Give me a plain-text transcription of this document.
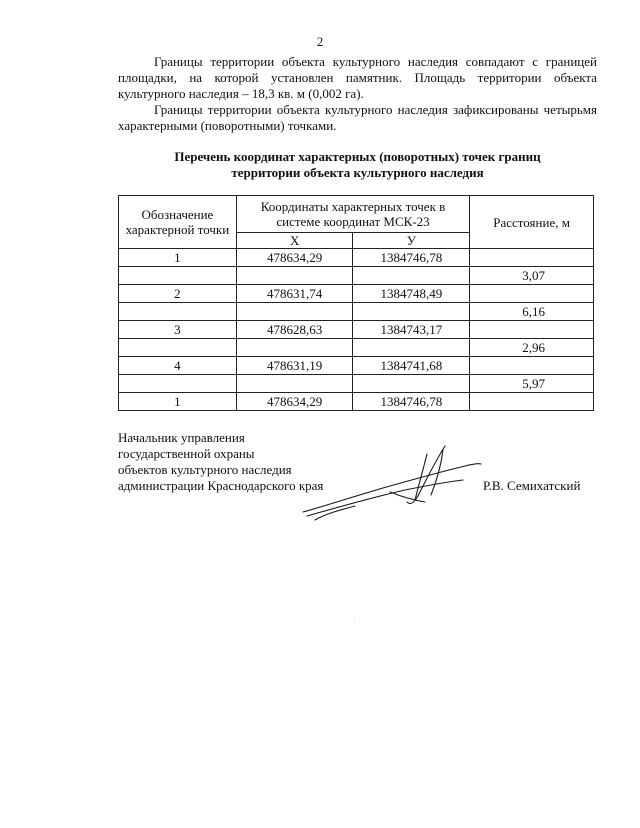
2

Границы территории объекта культурного наследия совпадают с границей площадки, на которой установлен памятник. Площадь территории объекта культурного наследия – 18,3 кв. м (0,002 га).

Границы территории объекта культурного наследия зафиксированы четырьмя характерными (поворотными) точками.

Перечень координат характерных (поворотных) точек границ
территории объекта культурного наследия
Обозначение характерной точки	Координаты характерных точек в системе координат МСК-23		Расстояние, м
	Х	У	
1	478634,29	1384746,78	
			3,07
2	478631,74	1384748,49	
			6,16
3	478628,63	1384743,17	
			2,96
4	478631,19	1384741,68	
			5,97
1	478634,29	1384746,78	
Начальник управления
государственной охраны
объектов культурного наследия
администрации Краснодарского края	Р.В. Семихатский
